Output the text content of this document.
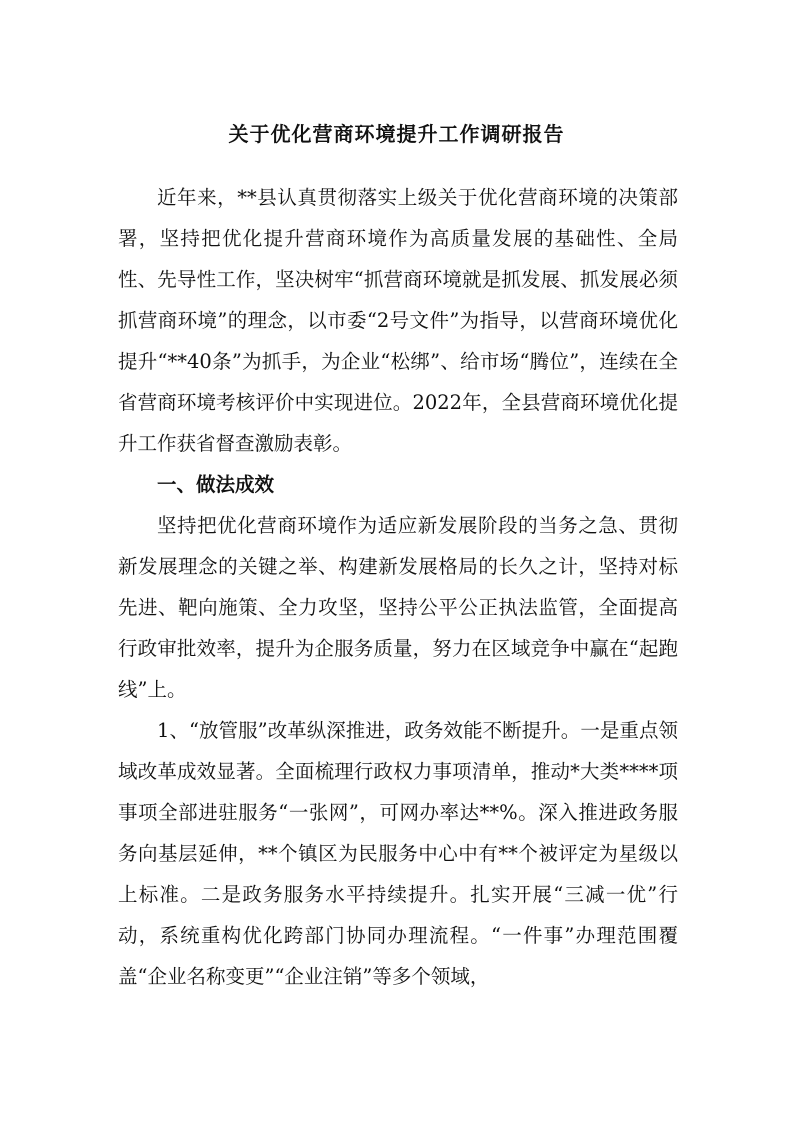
关于优化营商环境提升工作调研报告

近年来，**县认真贯彻落实上级关于优化营商环境的决策部署，坚持把优化提升营商环境作为高质量发展的基础性、全局性、先导性工作，坚决树牢“抓营商环境就是抓发展、抓发展必须抓营商环境”的理念，以市委“2号文件”为指导，以营商环境优化提升“**40条”为抓手，为企业“松绑”、给市场“腾位”，连续在全省营商环境考核评价中实现进位。2022年，全县营商环境优化提升工作获省督查激励表彰。

一、做法成效

坚持把优化营商环境作为适应新发展阶段的当务之急、贯彻新发展理念的关键之举、构建新发展格局的长久之计，坚持对标先进、靶向施策、全力攻坚，坚持公平公正执法监管，全面提高行政审批效率，提升为企服务质量，努力在区域竞争中赢在“起跑线”上。

1、“放管服”改革纵深推进，政务效能不断提升。一是重点领域改革成效显著。全面梳理行政权力事项清单，推动*大类****项事项全部进驻服务“一张网”，可网办率达**%。深入推进政务服务向基层延伸，**个镇区为民服务中心中有**个被评定为星级以上标准。二是政务服务水平持续提升。扎实开展“三减一优”行动，系统重构优化跨部门协同办理流程。“一件事”办理范围覆盖“企业名称变更”“企业注销”等多个领域，
